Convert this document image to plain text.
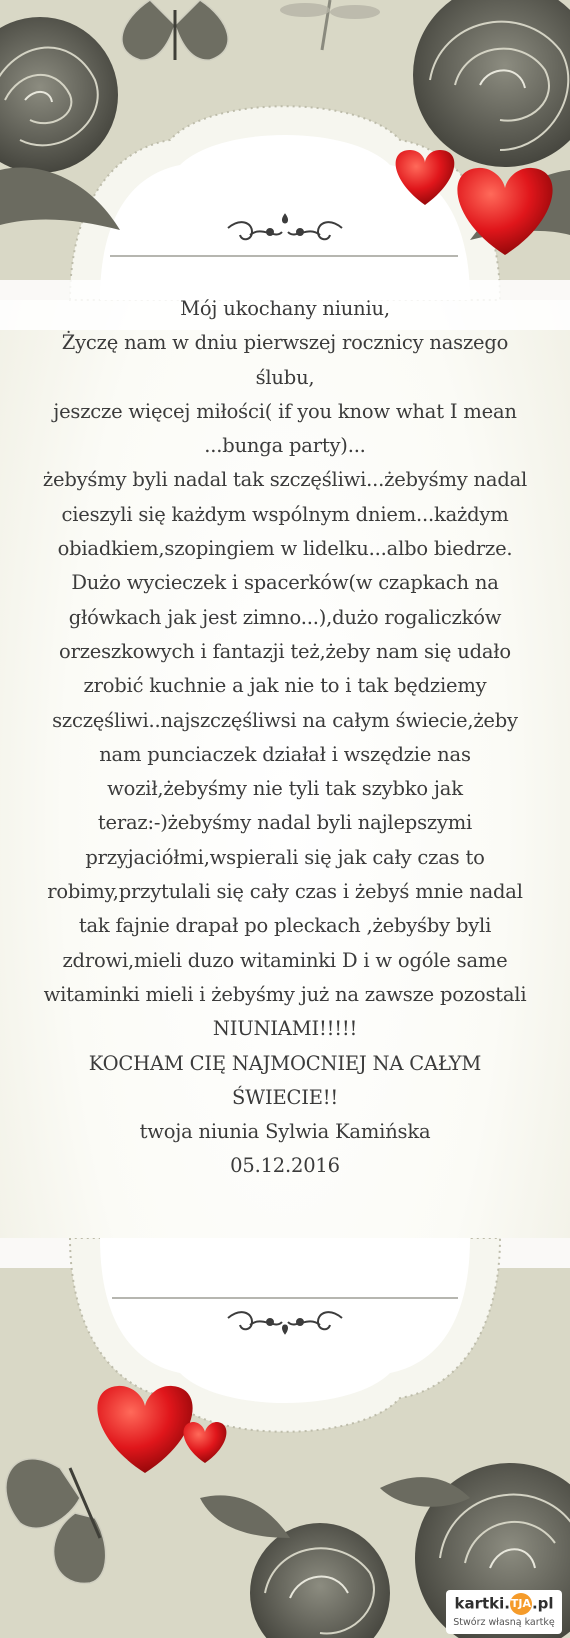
Mój ukochany niuniu,
Życzę nam w dniu pierwszej rocznicy naszego
ślubu,
jeszcze więcej miłości( if you know what I mean
...bunga party)...
żebyśmy byli nadal tak szczęśliwi...żebyśmy nadal
cieszyli się każdym wspólnym dniem...każdym
obiadkiem,szopingiem w lidelku...albo biedrze.
Dużo wycieczek i spacerków(w czapkach na
główkach jak jest zimno...),dużo rogaliczków
orzeszkowych i fantazji też,żeby nam się udało
zrobić kuchnie a jak nie to i tak będziemy
szczęśliwi..najszczęśliwsi na całym świecie,żeby
nam punciaczek działał i wszędzie nas
woził,żebyśmy nie tyli tak szybko jak
teraz:-)żebyśmy nadal byli najlepszymi
przyjaciółmi,wspierali się jak cały czas to
robimy,przytulali się cały czas i żebyś mnie nadal
tak fajnie drapał po pleckach ,żebyśby byli
zdrowi,mieli duzo witaminki D i w ogóle same
witaminki mieli i żebyśmy już na zawsze pozostali
NIUNIAMI!!!!!
KOCHAM CIĘ NAJMOCNIEJ NA CAŁYM
ŚWIECIE!!
twoja niunia Sylwia Kamińska
05.12.2016
kartki.TJA.pl
Stwórz własną kartkę
